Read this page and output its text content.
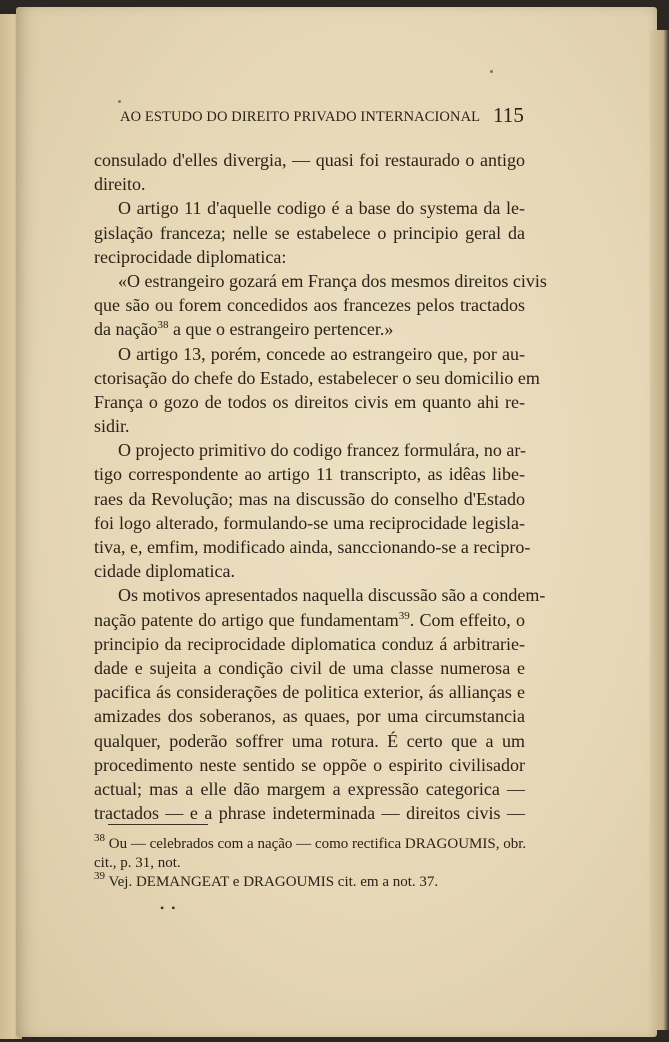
AO ESTUDO DO DIREITO PRIVADO INTERNACIONAL 115
consulado d'elles divergia, — quasi foi restaurado o antigo
direito.
O artigo 11 d'aquelle codigo é a base do systema da le-
gislação franceza; nelle se estabelece o principio geral da
reciprocidade diplomatica:
«O estrangeiro gozará em França dos mesmos direitos civis
que são ou forem concedidos aos francezes pelos tractados
da nação$^{38}$ a que o estrangeiro pertencer.»
O artigo 13, porém, concede ao estrangeiro que, por au-
ctorisação do chefe do Estado, estabelecer o seu domicilio em
França o gozo de todos os direitos civis em quanto ahi re-
sidir.
O projecto primitivo do codigo francez formulára, no ar-
tigo correspondente ao artigo 11 transcripto, as idêas libe-
raes da Revolução; mas na discussão do conselho d'Estado
foi logo alterado, formulando-se uma reciprocidade legisla-
tiva, e, emfim, modificado ainda, sanccionando-se a recipro-
cidade diplomatica.
Os motivos apresentados naquella discussão são a condem-
nação patente do artigo que fundamentam$^{39}$. Com effeito, o
principio da reciprocidade diplomatica conduz á arbitrarie-
dade e sujeita a condição civil de uma classe numerosa e
pacifica ás considerações de politica exterior, ás allianças e
amizades dos soberanos, as quaes, por uma circumstancia
qualquer, poderão soffrer uma rotura. É certo que a um
procedimento neste sentido se oppõe o espirito civilisador
actual; mas a elle dão margem a expressão categorica —
tractados — e a phrase indeterminada — direitos civis —
$^{38}$ Ou — celebrados com a nação — como rectifica DRAGOUMIS, obr.
cit., p. 31, not.
$^{39}$ Vej. DEMANGEAT e DRAGOUMIS cit. em a not. 37.
• •
